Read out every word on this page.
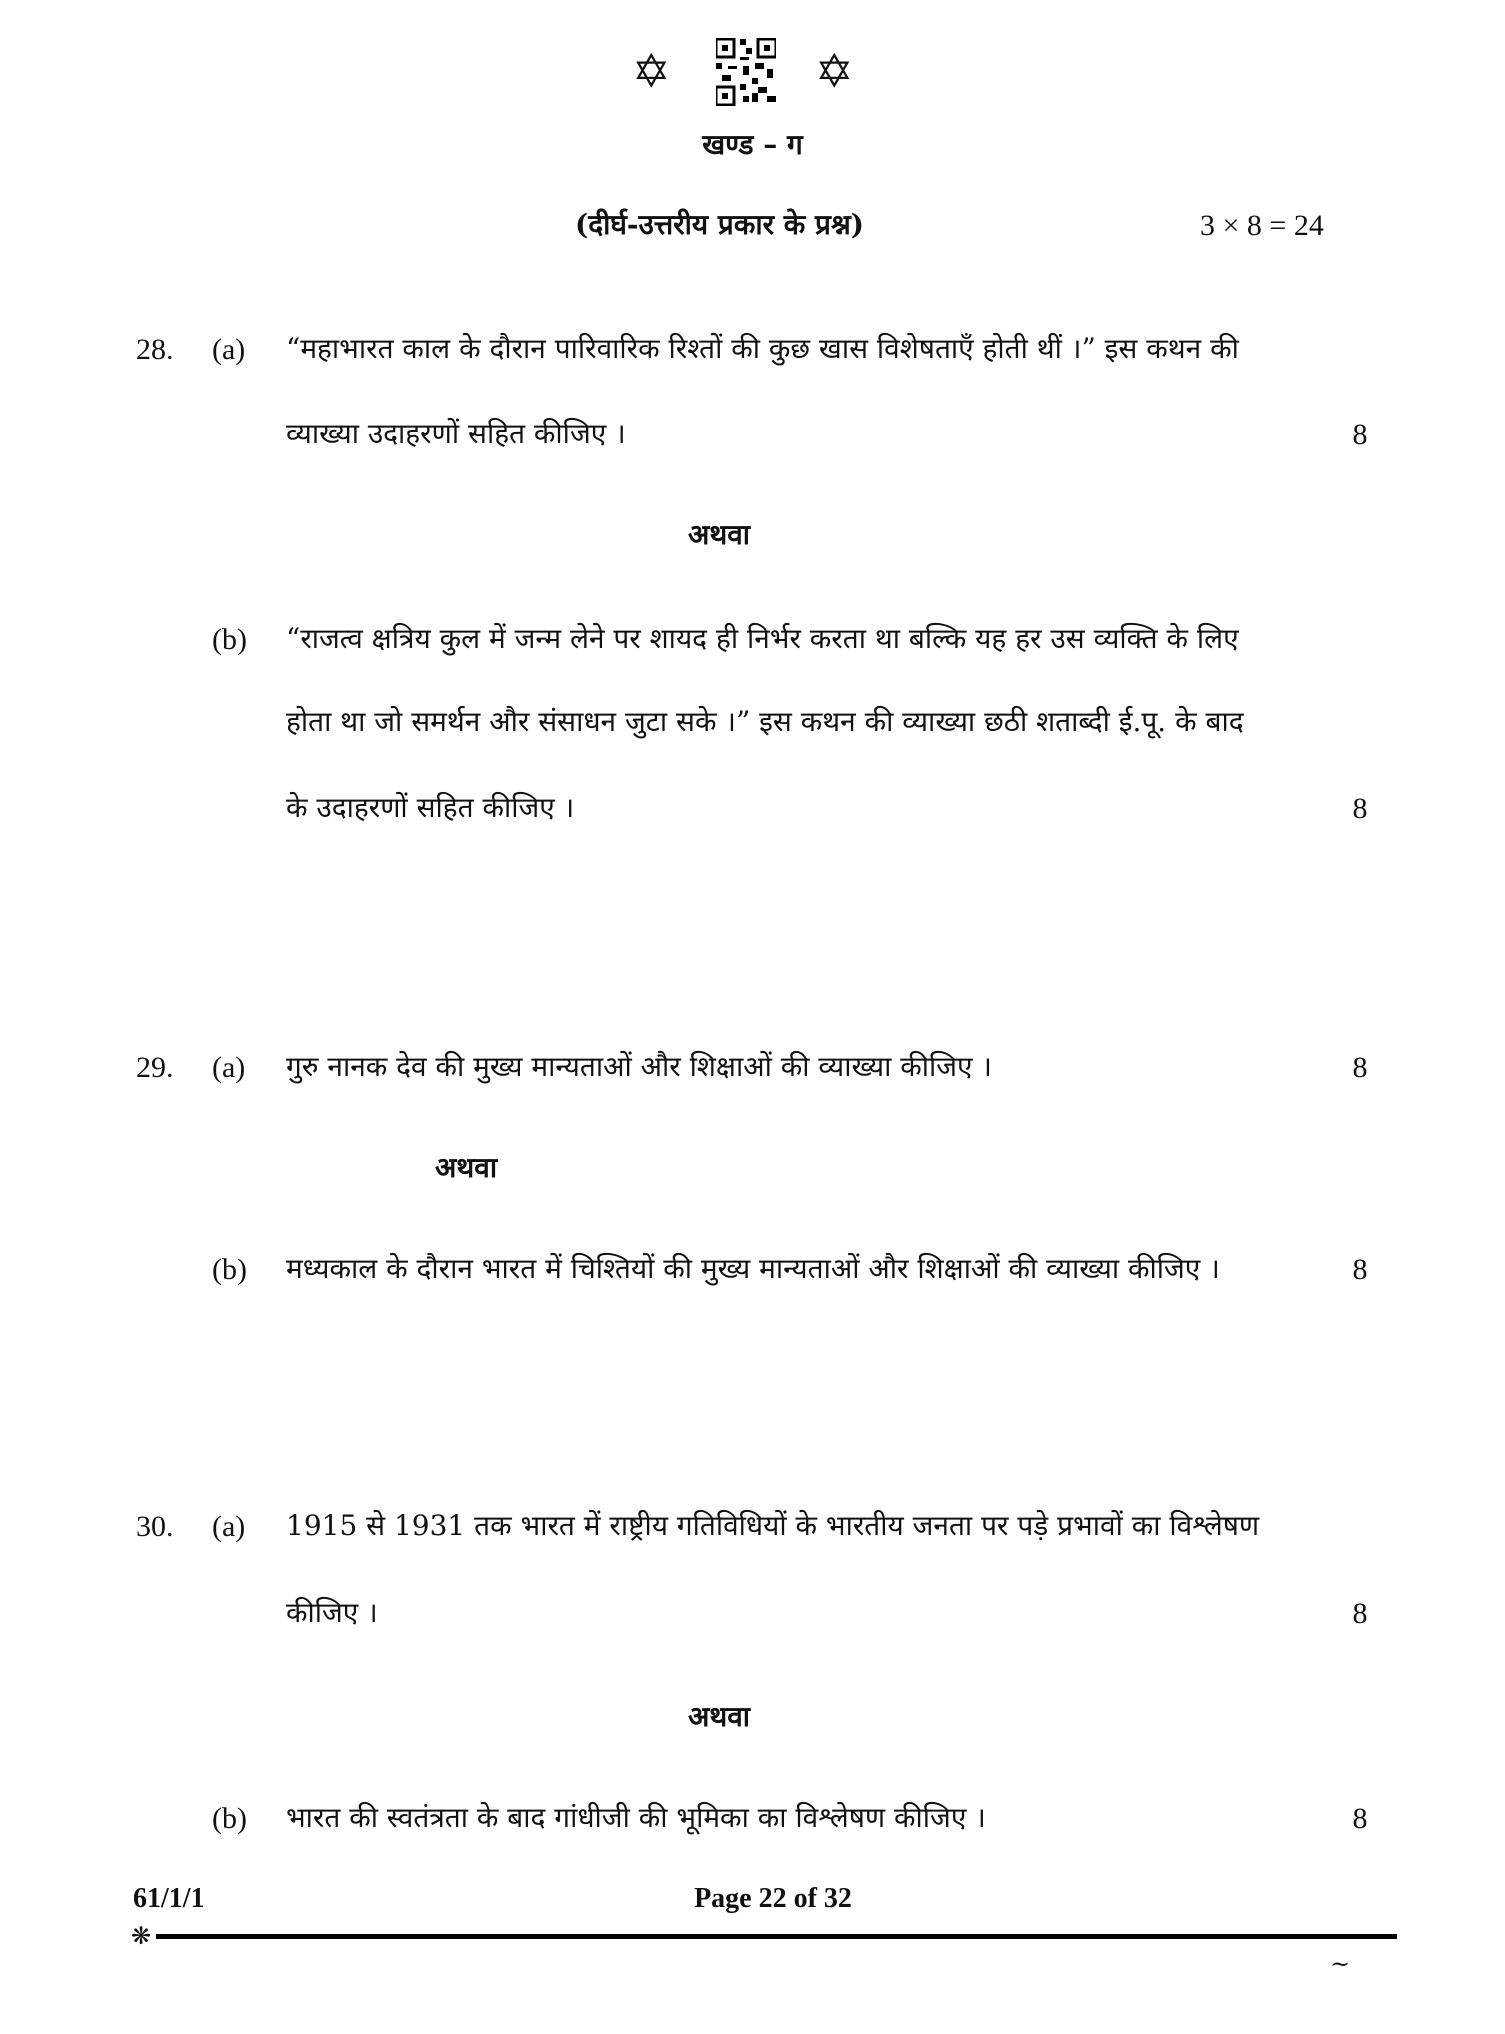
✡	✡
खण्ड – ग
(दीर्घ-उत्तरीय प्रकार के प्रश्न)	3 × 8 = 24
28. (a) “महाभारत काल के दौरान पारिवारिक रिश्तों की कुछ खास विशेषताएँ होती थीं ।” इस कथन की
व्याख्या उदाहरणों सहित कीजिए ।	8
अथवा
(b) “राजत्व क्षत्रिय कुल में जन्म लेने पर शायद ही निर्भर करता था बल्कि यह हर उस व्यक्ति के लिए
होता था जो समर्थन और संसाधन जुटा सके ।” इस कथन की व्याख्या छठी शताब्दी ई.पू. के बाद
के उदाहरणों सहित कीजिए ।	8
29. (a) गुरु नानक देव की मुख्य मान्यताओं और शिक्षाओं की व्याख्या कीजिए ।	8
अथवा
(b) मध्यकाल के दौरान भारत में चिश्तियों की मुख्य मान्यताओं और शिक्षाओं की व्याख्या कीजिए ।	8
30. (a) 1915 से 1931 तक भारत में राष्ट्रीय गतिविधियों के भारतीय जनता पर पड़े प्रभावों का विश्लेषण
कीजिए ।	8
अथवा
(b) भारत की स्वतंत्रता के बाद गांधीजी की भूमिका का विश्लेषण कीजिए ।	8
61/1/1	Page 22 of 32
❋
~
